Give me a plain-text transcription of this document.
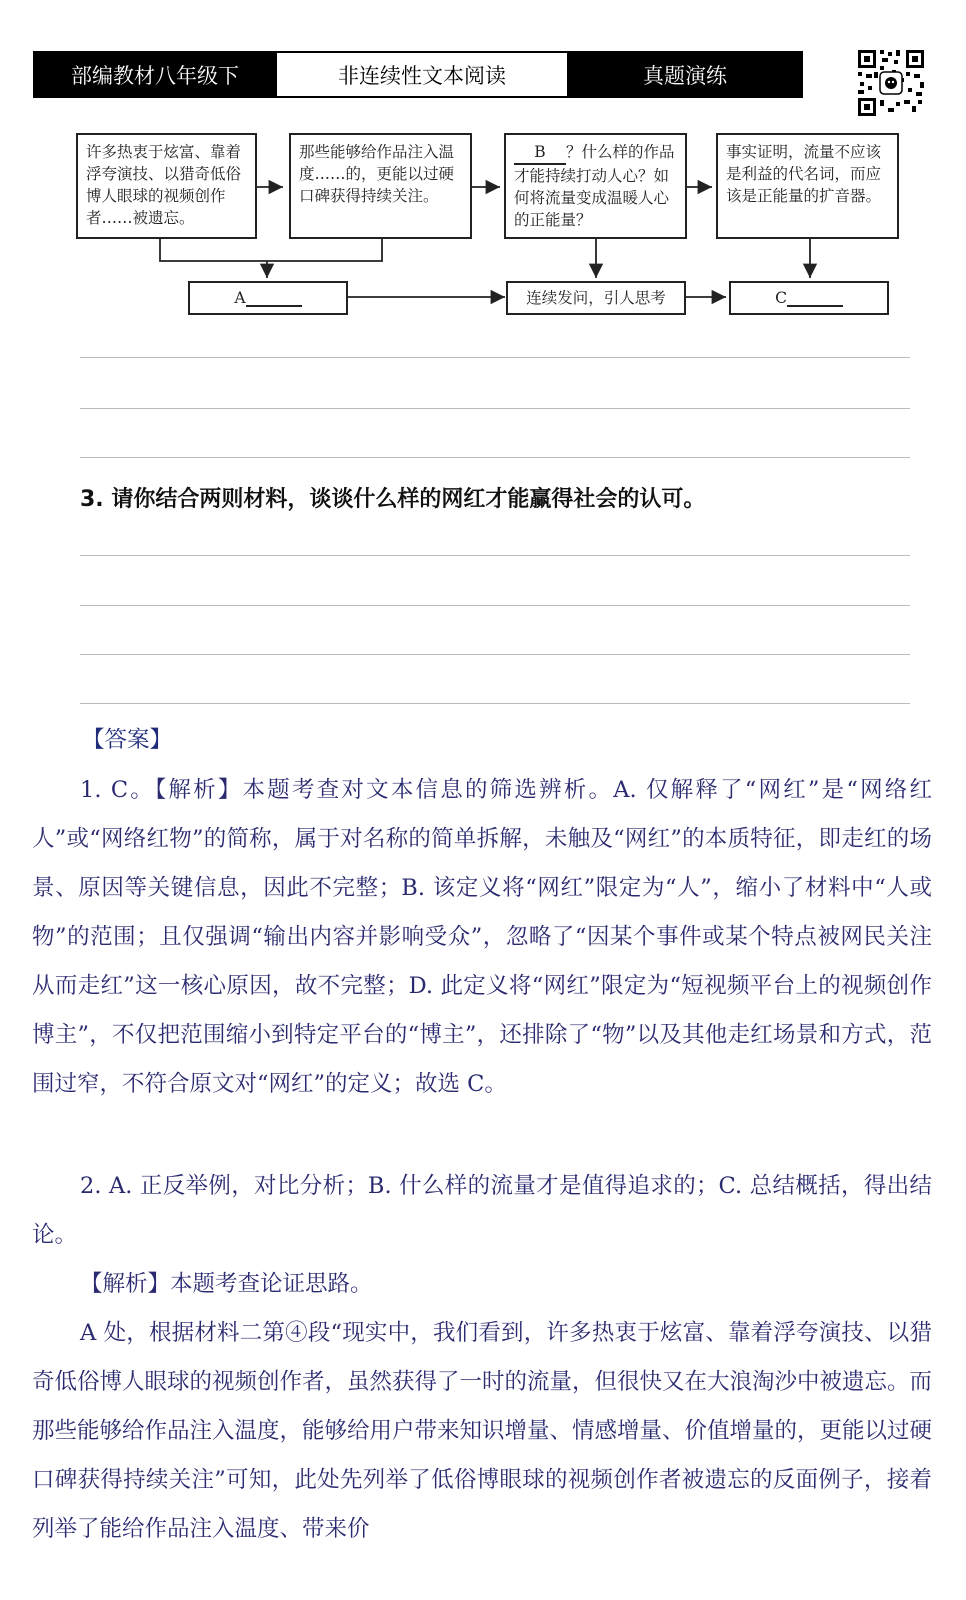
部编教材八年级下	非连续性文本阅读	真题演练
许多热衷于炫富、靠着浮夸演技、以猎奇低俗博人眼球的视频创作者……被遗忘。
那些能够给作品注入温度……的，更能以过硬口碑获得持续关注。
B ？什么样的作品才能持续打动人心？如何将流量变成温暖人心的正能量？
事实证明，流量不应该是利益的代名词，而应该是正能量的扩音器。
A	连续发问，引人思考	C
3. 请你结合两则材料，谈谈什么样的网红才能赢得社会的认可。
【答案】
1. C。【解析】本题考查对文本信息的筛选辨析。A. 仅解释了“网红”是“网络红人”或“网络红物”的简称，属于对名称的简单拆解，未触及“网红”的本质特征，即走红的场景、原因等关键信息，因此不完整；B. 该定义将“网红”限定为“人”，缩小了材料中“人或物”的范围；且仅强调“输出内容并影响受众”，忽略了“因某个事件或某个特点被网民关注从而走红”这一核心原因，故不完整；D. 此定义将“网红”限定为“短视频平台上的视频创作博主”，不仅把范围缩小到特定平台的“博主”，还排除了“物”以及其他走红场景和方式，范围过窄，不符合原文对“网红”的定义；故选 C。
2. A. 正反举例，对比分析；B. 什么样的流量才是值得追求的；C. 总结概括，得出结论。
【解析】本题考查论证思路。
A 处，根据材料二第④段“现实中，我们看到，许多热衷于炫富、靠着浮夸演技、以猎奇低俗博人眼球的视频创作者，虽然获得了一时的流量，但很快又在大浪淘沙中被遗忘。而那些能够给作品注入温度，能够给用户带来知识增量、情感增量、价值增量的，更能以过硬口碑获得持续关注”可知，此处先列举了低俗博眼球的视频创作者被遗忘的反面例子，接着列举了能给作品注入温度、带来价
